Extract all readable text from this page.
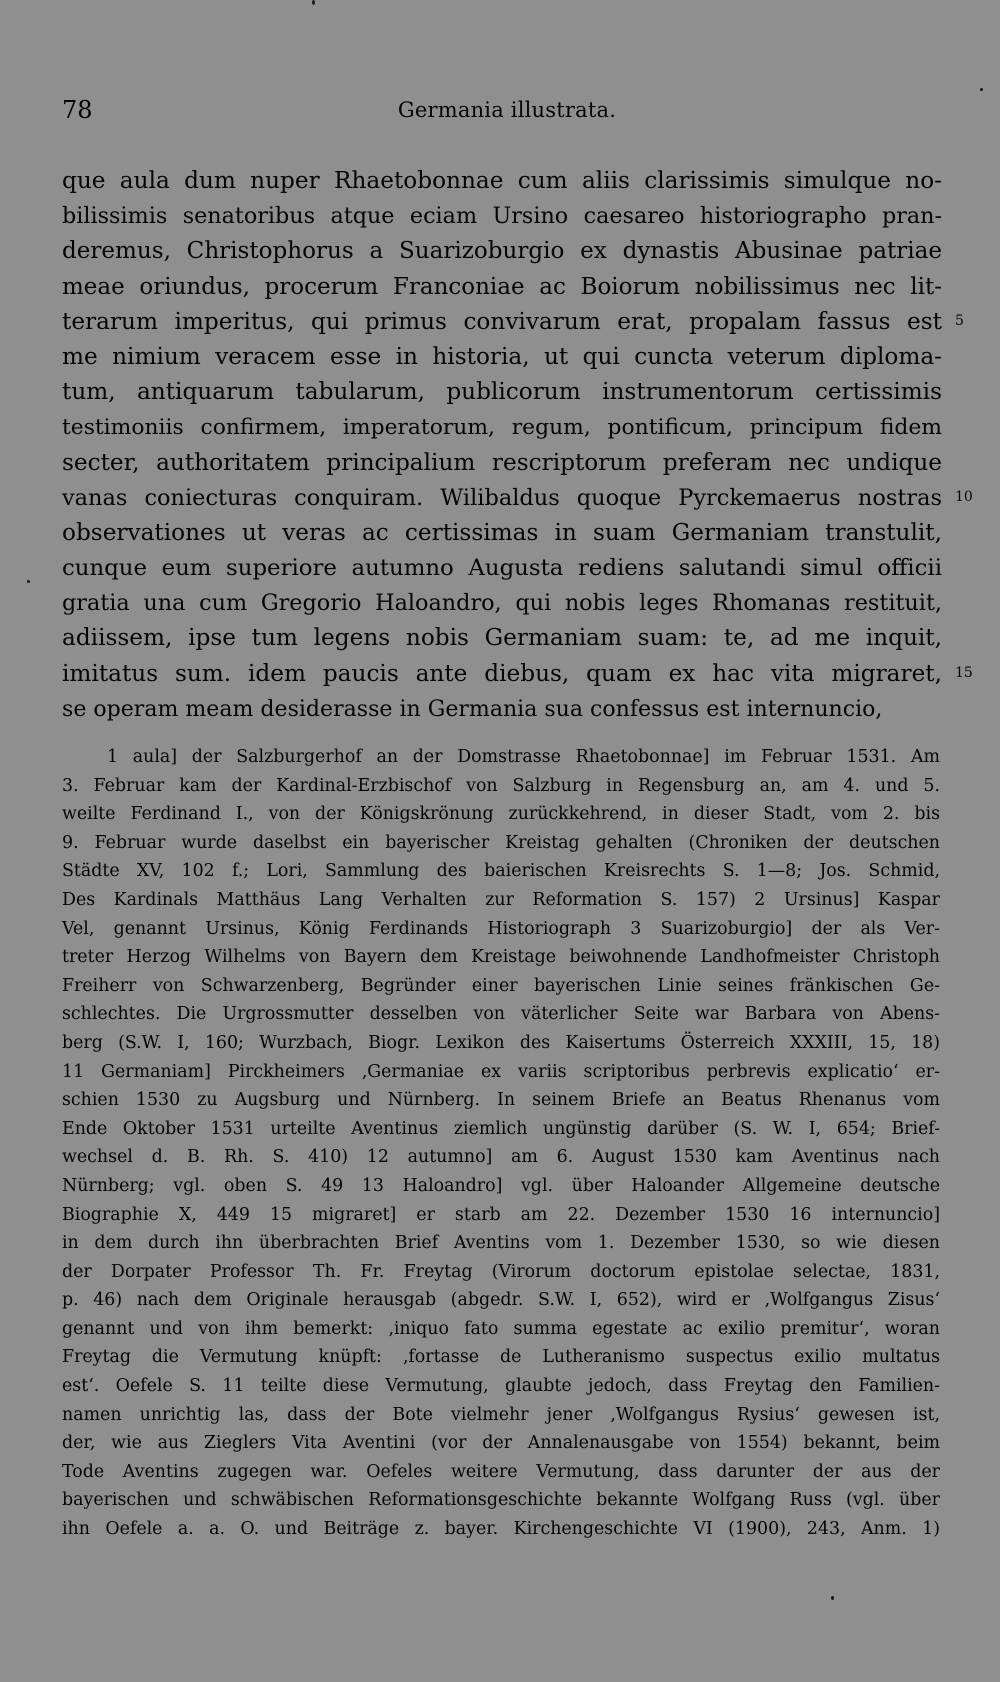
78	Germania illustrata.
que aula dum nuper Rhaetobonnae cum aliis clarissimis simulque no-
bilissimis senatoribus atque eciam Ursino caesareo historiographo pran-
deremus, Christophorus a Suarizoburgio ex dynastis Abusinae patriae
meae oriundus, procerum Franconiae ac Boiorum nobilissimus nec lit-
terarum imperitus, qui primus convivarum erat, propalam fassus est 5
me nimium veracem esse in historia, ut qui cuncta veterum diploma-
tum, antiquarum tabularum, publicorum instrumentorum certissimis
testimoniis confirmem, imperatorum, regum, pontificum, principum fidem
secter, authoritatem principalium rescriptorum preferam nec undique
vanas coniecturas conquiram. Wilibaldus quoque Pyrckemaerus nostras 10
observationes ut veras ac certissimas in suam Germaniam transtulit,
cunque eum superiore autumno Augusta rediens salutandi simul officii
gratia una cum Gregorio Haloandro, qui nobis leges Rhomanas restituit,
adiissem, ipse tum legens nobis Germaniam suam: te, ad me inquit,
imitatus sum. idem paucis ante diebus, quam ex hac vita migraret, 15
se operam meam desiderasse in Germania sua confessus est internuncio,
1 aula] der Salzburgerhof an der Domstrasse Rhaetobonnae] im Februar 1531. Am
3. Februar kam der Kardinal-Erzbischof von Salzburg in Regensburg an, am 4. und 5.
weilte Ferdinand I., von der Königskrönung zurückkehrend, in dieser Stadt, vom 2. bis
9. Februar wurde daselbst ein bayerischer Kreistag gehalten (Chroniken der deutschen
Städte XV, 102 f.; Lori, Sammlung des baierischen Kreisrechts S. 1—8; Jos. Schmid,
Des Kardinals Matthäus Lang Verhalten zur Reformation S. 157) 2 Ursinus] Kaspar
Vel, genannt Ursinus, König Ferdinands Historiograph 3 Suarizoburgio] der als Ver-
treter Herzog Wilhelms von Bayern dem Kreistage beiwohnende Landhofmeister Christoph
Freiherr von Schwarzenberg, Begründer einer bayerischen Linie seines fränkischen Ge-
schlechtes. Die Urgrossmutter desselben von väterlicher Seite war Barbara von Abens-
berg (S.W. I, 160; Wurzbach, Biogr. Lexikon des Kaisertums Österreich XXXIII, 15, 18)
11 Germaniam] Pirckheimers ‚Germaniae ex variis scriptoribus perbrevis explicatio‘ er-
schien 1530 zu Augsburg und Nürnberg. In seinem Briefe an Beatus Rhenanus vom
Ende Oktober 1531 urteilte Aventinus ziemlich ungünstig darüber (S. W. I, 654; Brief-
wechsel d. B. Rh. S. 410) 12 autumno] am 6. August 1530 kam Aventinus nach
Nürnberg; vgl. oben S. 49 13 Haloandro] vgl. über Haloander Allgemeine deutsche
Biographie X, 449 15 migraret] er starb am 22. Dezember 1530 16 internuncio]
in dem durch ihn überbrachten Brief Aventins vom 1. Dezember 1530, so wie diesen
der Dorpater Professor Th. Fr. Freytag (Virorum doctorum epistolae selectae, 1831,
p. 46) nach dem Originale herausgab (abgedr. S.W. I, 652), wird er ‚Wolfgangus Zisus‘
genannt und von ihm bemerkt: ‚iniquo fato summa egestate ac exilio premitur‘, woran
Freytag die Vermutung knüpft: ‚fortasse de Lutheranismo suspectus exilio multatus
est‘. Oefele S. 11 teilte diese Vermutung, glaubte jedoch, dass Freytag den Familien-
namen unrichtig las, dass der Bote vielmehr jener ‚Wolfgangus Rysius‘ gewesen ist,
der, wie aus Zieglers Vita Aventini (vor der Annalenausgabe von 1554) bekannt, beim
Tode Aventins zugegen war. Oefeles weitere Vermutung, dass darunter der aus der
bayerischen und schwäbischen Reformationsgeschichte bekannte Wolfgang Russ (vgl. über
ihn Oefele a. a. O. und Beiträge z. bayer. Kirchengeschichte VI (1900), 243, Anm. 1)
